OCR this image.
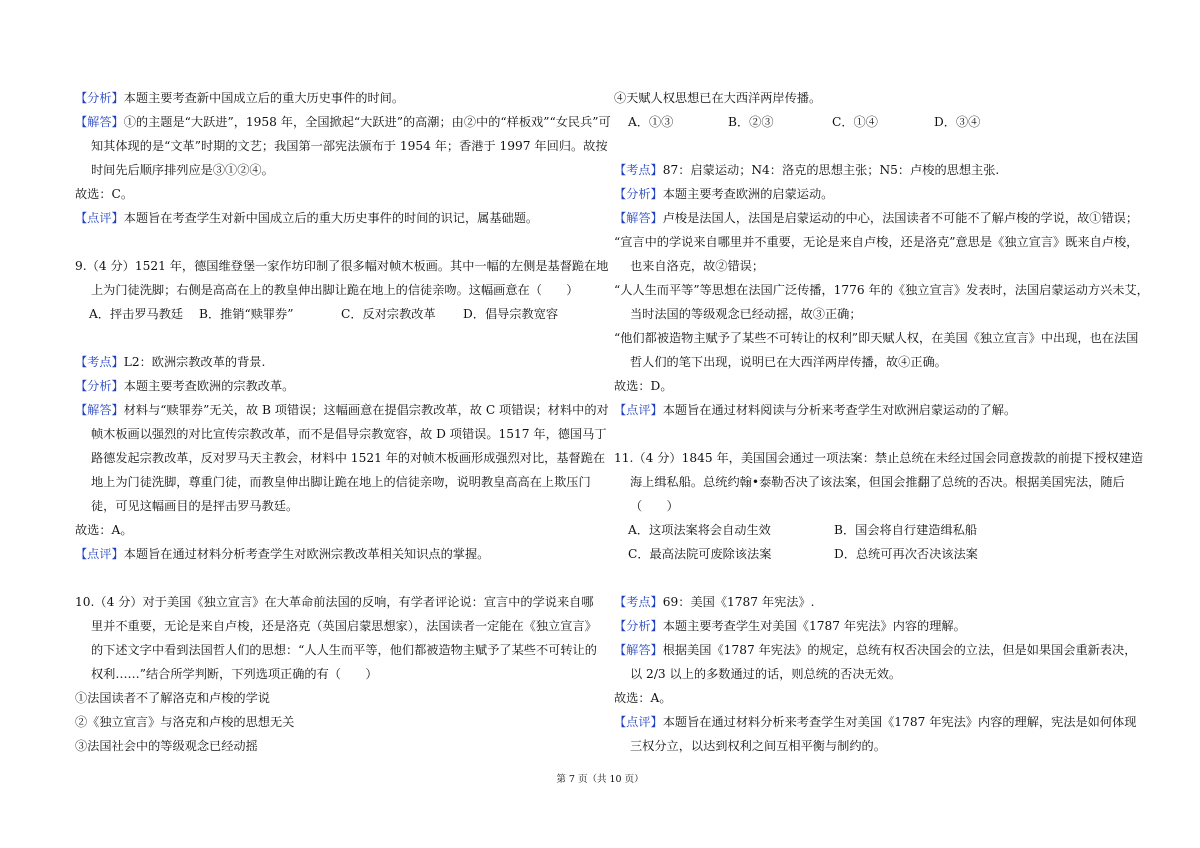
【分析】本题主要考查新中国成立后的重大历史事件的时间。
【解答】①的主题是“大跃进”，1958 年，全国掀起“大跃进”的高潮；由②中的“样板戏”“女民兵”可
知其体现的是“文革”时期的文艺；我国第一部宪法颁布于 1954 年；香港于 1997 年回归。故按
时间先后顺序排列应是③①②④。
故选：C。
【点评】本题旨在考查学生对新中国成立后的重大历史事件的时间的识记，属基础题。
9.（4 分）1521 年，德国维登堡一家作坊印制了很多幅对帧木板画。其中一幅的左侧是基督跪在地
上为门徒洗脚；右侧是高高在上的教皇伸出脚让跪在地上的信徒亲吻。这幅画意在（　　）
A．抨击罗马教廷	B．推销“赎罪券”	C．反对宗教改革	D．倡导宗教宽容
【考点】L2：欧洲宗教改革的背景.
【分析】本题主要考查欧洲的宗教改革。
【解答】材料与“赎罪券”无关，故 B 项错误；这幅画意在提倡宗教改革，故 C 项错误；材料中的对
帧木板画以强烈的对比宣传宗教改革，而不是倡导宗教宽容，故 D 项错误。1517 年，德国马丁
路德发起宗教改革，反对罗马天主教会，材料中 1521 年的对帧木板画形成强烈对比，基督跪在
地上为门徒洗脚，尊重门徒，而教皇伸出脚让跪在地上的信徒亲吻，说明教皇高高在上欺压门
徒，可见这幅画目的是抨击罗马教廷。
故选：A。
【点评】本题旨在通过材料分析考查学生对欧洲宗教改革相关知识点的掌握。
10.（4 分）对于美国《独立宣言》在大革命前法国的反响，有学者评论说：宣言中的学说来自哪
里并不重要，无论是来自卢梭，还是洛克（英国启蒙思想家），法国读者一定能在《独立宣言》
的下述文字中看到法国哲人们的思想：“人人生而平等，他们都被造物主赋予了某些不可转让的
权利……”结合所学判断，下列选项正确的有（　　）
①法国读者不了解洛克和卢梭的学说
②《独立宣言》与洛克和卢梭的思想无关
③法国社会中的等级观念已经动摇
④天赋人权思想已在大西洋两岸传播。
A．①③	B．②③	C．①④	D．③④
【考点】87：启蒙运动；N4：洛克的思想主张；N5：卢梭的思想主张.
【分析】本题主要考查欧洲的启蒙运动。
【解答】卢梭是法国人，法国是启蒙运动的中心，法国读者不可能不了解卢梭的学说，故①错误；
“宣言中的学说来自哪里并不重要，无论是来自卢梭，还是洛克”意思是《独立宣言》既来自卢梭，
也来自洛克，故②错误；
“人人生而平等”等思想在法国广泛传播，1776 年的《独立宣言》发表时，法国启蒙运动方兴未艾，
当时法国的等级观念已经动摇，故③正确；
“他们都被造物主赋予了某些不可转让的权利”即天赋人权，在美国《独立宣言》中出现，也在法国
哲人们的笔下出现，说明已在大西洋两岸传播，故④正确。
故选：D。
【点评】本题旨在通过材料阅读与分析来考查学生对欧洲启蒙运动的了解。
11.（4 分）1845 年，美国国会通过一项法案：禁止总统在未经过国会同意拨款的前提下授权建造
海上缉私船。总统约翰•泰勒否决了该法案，但国会推翻了总统的否决。根据美国宪法，随后
（　　）
A．这项法案将会自动生效	B．国会将自行建造缉私船
C．最高法院可废除该法案	D．总统可再次否决该法案
【考点】69：美国《1787 年宪法》.
【分析】本题主要考查学生对美国《1787 年宪法》内容的理解。
【解答】根据美国《1787 年宪法》的规定，总统有权否决国会的立法，但是如果国会重新表决，
以 2/3 以上的多数通过的话，则总统的否决无效。
故选：A。
【点评】本题旨在通过材料分析来考查学生对美国《1787 年宪法》内容的理解，宪法是如何体现
三权分立，以达到权利之间互相平衡与制约的。
第 7 页（共 10 页）
